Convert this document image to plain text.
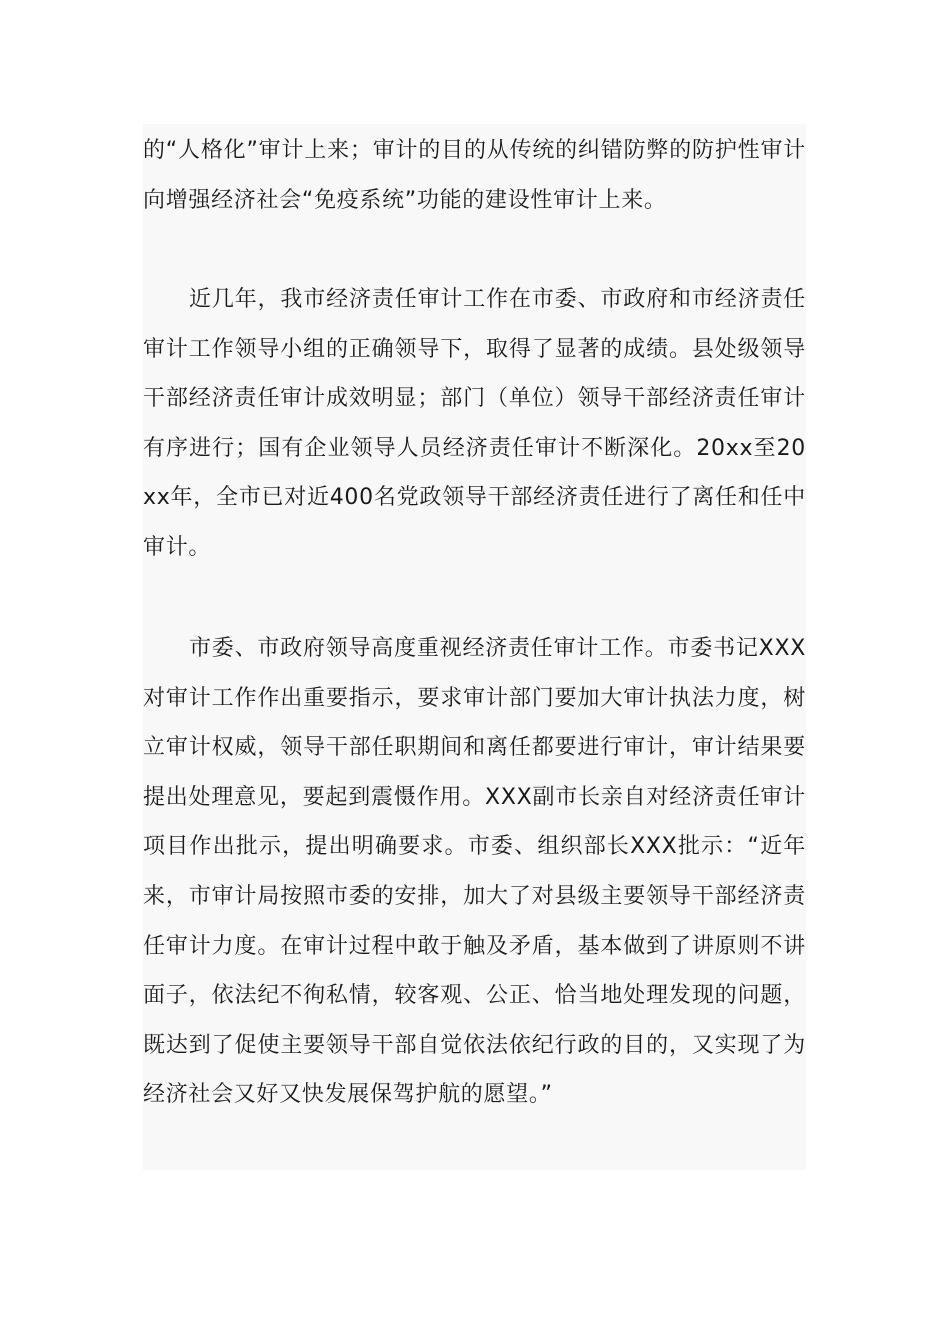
的“人格化”审计上来；审计的目的从传统的纠错防弊的防护性审计向增强经济社会“免疫系统”功能的建设性审计上来。

近几年，我市经济责任审计工作在市委、市政府和市经济责任审计工作领导小组的正确领导下，取得了显著的成绩。县处级领导干部经济责任审计成效明显；部门（单位）领导干部经济责任审计有序进行；国有企业领导人员经济责任审计不断深化。20xx至20xx年，全市已对近400名党政领导干部经济责任进行了离任和任中审计。

市委、市政府领导高度重视经济责任审计工作。市委书记XXX对审计工作作出重要指示，要求审计部门要加大审计执法力度，树立审计权威，领导干部任职期间和离任都要进行审计，审计结果要提出处理意见，要起到震慑作用。XXX副市长亲自对经济责任审计项目作出批示，提出明确要求。市委、组织部长XXX批示：“近年来，市审计局按照市委的安排，加大了对县级主要领导干部经济责任审计力度。在审计过程中敢于触及矛盾，基本做到了讲原则不讲面子，依法纪不徇私情，较客观、公正、恰当地处理发现的问题，既达到了促使主要领导干部自觉依法依纪行政的目的，又实现了为经济社会又好又快发展保驾护航的愿望。”
